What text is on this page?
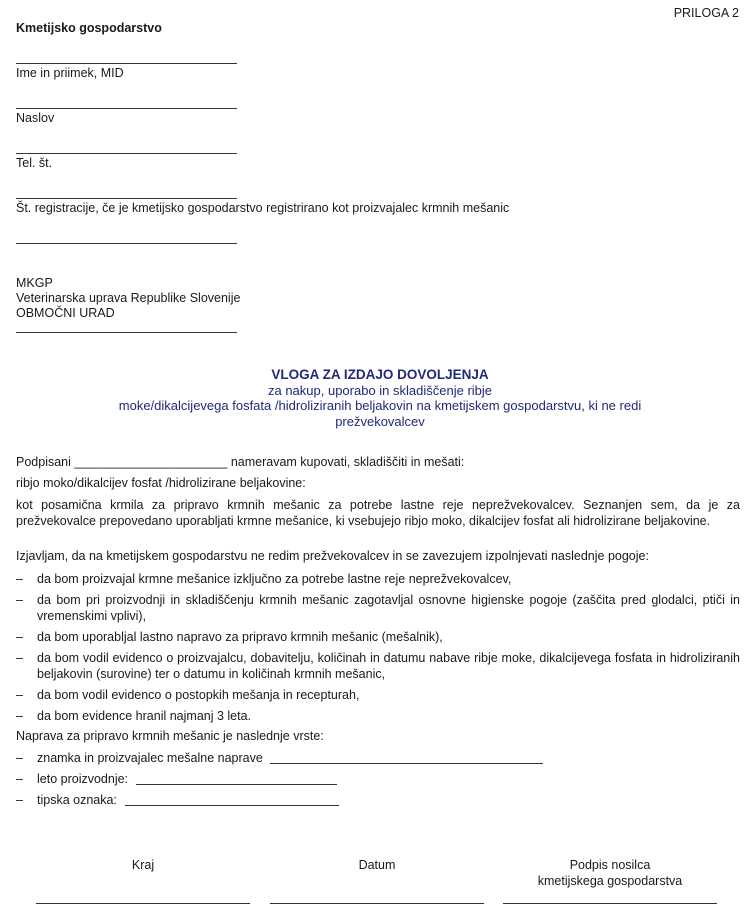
PRILOGA 2
Kmetijsko gospodarstvo
Ime in priimek, MID
Naslov
Tel. št.
Št. registracije, če je kmetijsko gospodarstvo registrirano kot proizvajalec krmnih mešanic
MKGP
Veterinarska uprava Republike Slovenije
OBMOČNI URAD
VLOGA ZA IZDAJO DOVOLJENJA
za nakup, uporabo in skladiščenje ribje
moke/dikalcijevega fosfata /hidroliziranih beljakovin na kmetijskem gospodarstvu, ki ne redi
prežvekovalcev
Podpisani ______________________ nameravam kupovati, skladiščiti in mešati:
ribjo moko/dikalcijev fosfat /hidrolizirane beljakovine:
kot posamična krmila za pripravo krmnih mešanic za potrebe lastne reje neprežvekovalcev. Seznanjen sem, da je za prežvekovalce prepovedano uporabljati krmne mešanice, ki vsebujejo ribjo moko, dikalcijev fosfat ali hidrolizirane beljakovine.
Izjavljam, da na kmetijskem gospodarstvu ne redim prežvekovalcev in se zavezujem izpolnjevati naslednje pogoje:
– da bom proizvajal krmne mešanice izključno za potrebe lastne reje neprežvekovalcev,
– da bom pri proizvodnji in skladiščenju krmnih mešanic zagotavljal osnovne higienske pogoje (zaščita pred glodalci, ptiči in vremenskimi vplivi),
– da bom uporabljal lastno napravo za pripravo krmnih mešanic (mešalnik),
– da bom vodil evidenco o proizvajalcu, dobavitelju, količinah in datumu nabave ribje moke, dikalcijevega fosfata in hidroliziranih beljakovin (surovine) ter o datumu in količinah krmnih mešanic,
– da bom vodil evidenco o postopkih mešanja in recepturah,
– da bom evidence hranil najmanj 3 leta.
Naprava za pripravo krmnih mešanic je naslednje vrste:
– znamka in proizvajalec mešalne naprave
– leto proizvodnje:
– tipska oznaka:
Kraj	Datum	Podpis nosilca
kmetijskega gospodarstva
